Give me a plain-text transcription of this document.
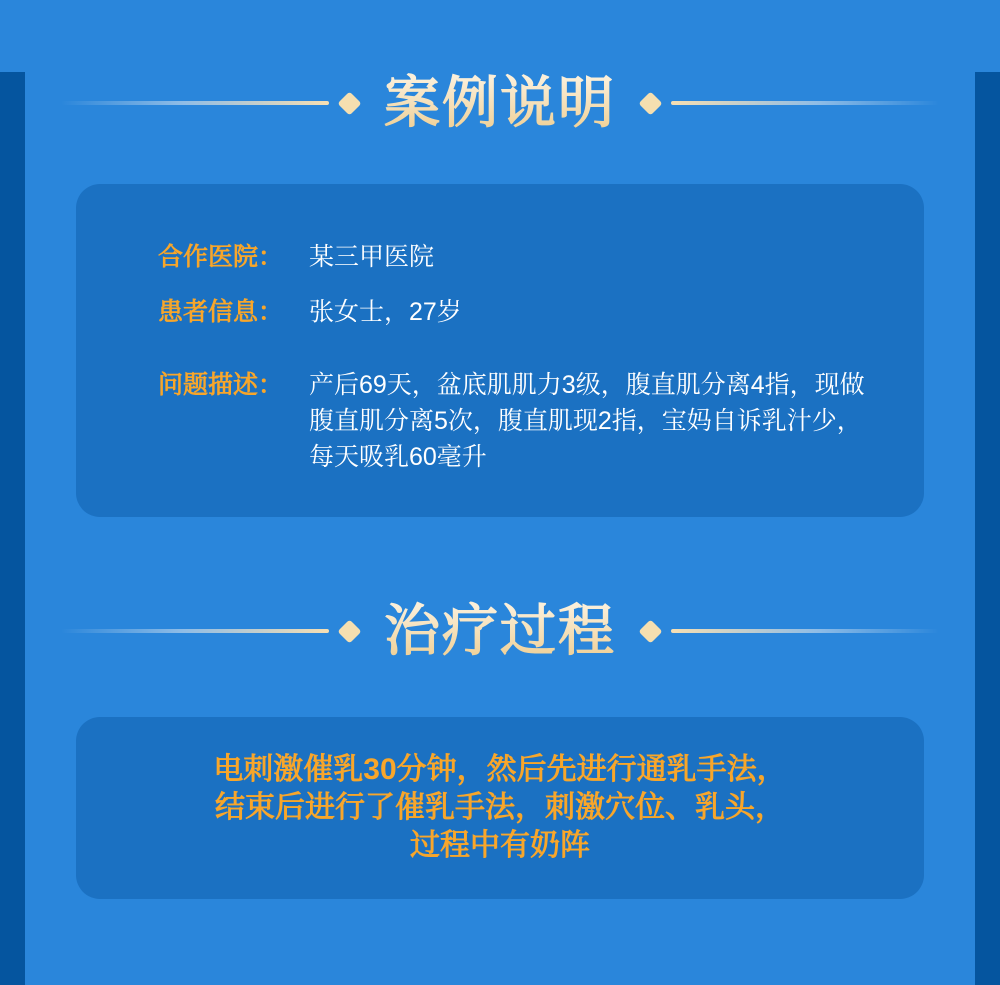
案例说明
合作医院：	某三甲医院
患者信息：	张女士，27岁
问题描述：	产后69天，盆底肌肌力3级，腹直肌分离4指，现做
腹直肌分离5次，腹直肌现2指，宝妈自诉乳汁少，
每天吸乳60毫升
治疗过程
电刺激催乳30分钟，然后先进行通乳手法，
结束后进行了催乳手法，刺激穴位、乳头，
过程中有奶阵
